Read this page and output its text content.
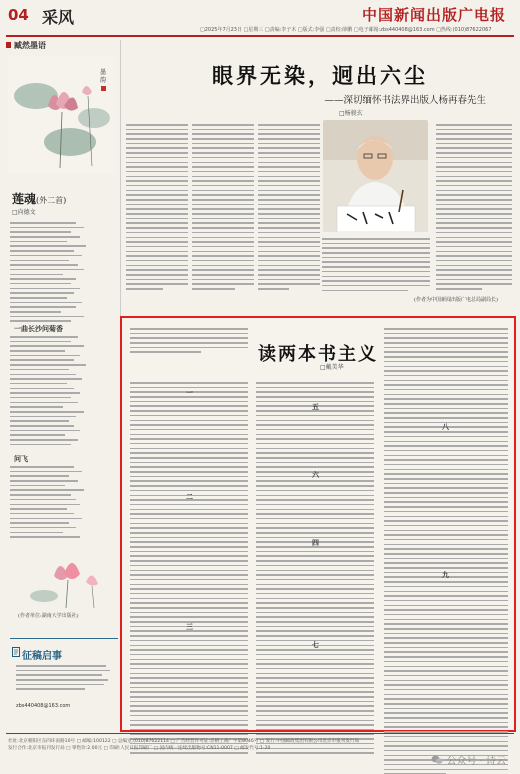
04 采风	中国新闻出版广电报
□2025年7月23日 □星期三 □责编:李子木 □版式:李强 □责校:薛鹏 □电子邮箱:zbs440408@163.com □热线:(010)87622067
臧然墨语
墨
韵
莲魂(外二首)
□向德文
一曲长沙问菊香
问飞
(作者单位:湖南大学出版社)
征稿启事
zbs440408@163.com
眼界无染，迥出六尘
——深切缅怀书法界出版人杨再春先生
□杨骏玄
(作者为中国新闻出版广电总局副局长)
读两本书主义
□戴美华
二
三
一
四
五
六
七
八
九
社址:北京朝阳区东四环南路10号 □ 邮编:100122 □ 总编室:(010)87622114 □ 广告经营许可证:京朝工商广字第8046号 □ 发行:中国邮政集团有限公司北京市报刊发行局
发行合作:北京市报刊发行局 □ 零售价:2.00元 □ 印刷:人民日报印刷厂 □ 国内统一连续出版物号:CN11-0007 □ 邮发代号:1-20
公众号 · 诗云
